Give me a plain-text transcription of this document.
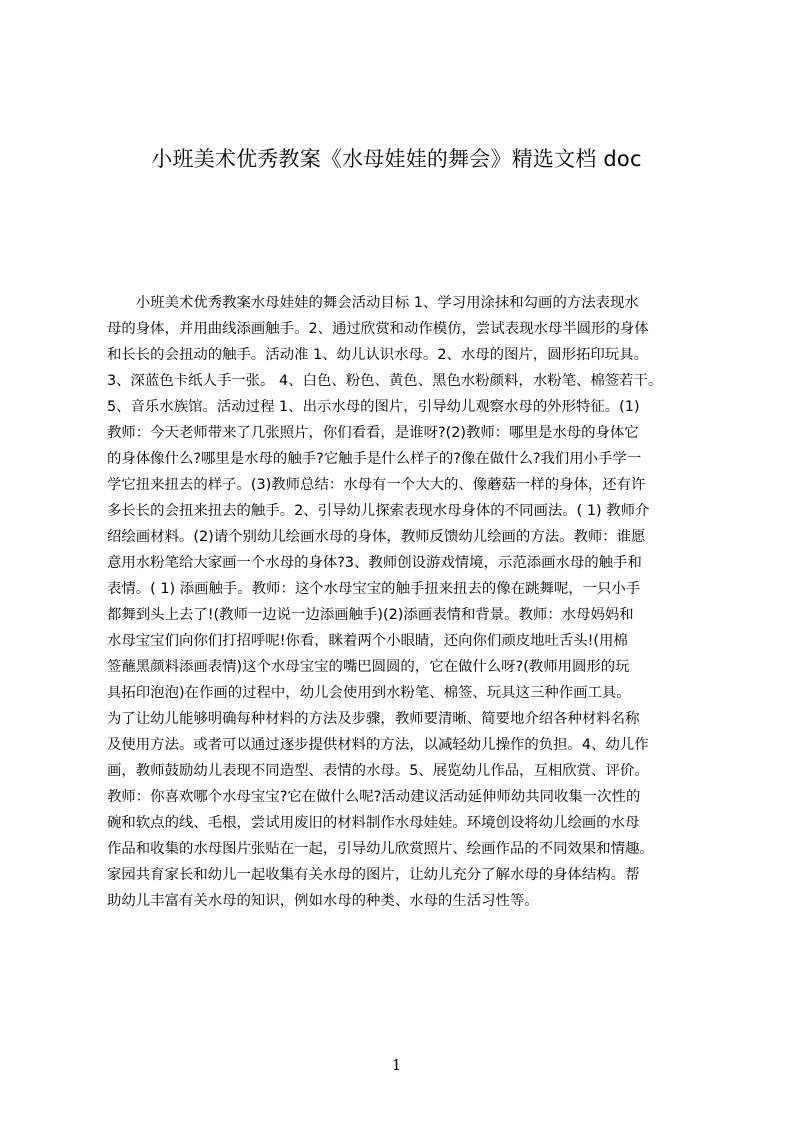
小班美术优秀教案《水母娃娃的舞会》精选文档 doc
　　小班美术优秀教案水母娃娃的舞会活动目标 1、学习用涂抹和勾画的方法表现水
母的身体，并用曲线添画触手。2、通过欣赏和动作模仿，尝试表现水母半圆形的身体
和长长的会扭动的触手。活动准 1、幼儿认识水母。2、水母的图片，圆形拓印玩具。
3、深蓝色卡纸人手一张。 4、白色、粉色、黄色、黑色水粉颜料，水粉笔、棉签若干。
5、音乐水族馆。活动过程 1、出示水母的图片，引导幼儿观察水母的外形特征。(1)
教师：今天老师带来了几张照片，你们看看，是谁呀?(2)教师：哪里是水母的身体它
的身体像什么?哪里是水母的触手?它触手是什么样子的?像在做什么?我们用小手学一
学它扭来扭去的样子。(3)教师总结：水母有一个大大的、像蘑菇一样的身体，还有许
多长长的会扭来扭去的触手。2、引导幼儿探索表现水母身体的不同画法。( 1) 教师介
绍绘画材料。(2)请个别幼儿绘画水母的身体，教师反馈幼儿绘画的方法。教师：谁愿
意用水粉笔给大家画一个水母的身体?3、教师创设游戏情境，示范添画水母的触手和
表情。( 1) 添画触手。教师：这个水母宝宝的触手扭来扭去的像在跳舞呢，一只小手
都舞到头上去了!(教师一边说一边添画触手)(2)添画表情和背景。教师：水母妈妈和
水母宝宝们向你们打招呼呢!你看，眯着两个小眼睛，还向你们顽皮地吐舌头!(用棉
签蘸黑颜料添画表情)这个水母宝宝的嘴巴圆圆的，它在做什么呀?(教师用圆形的玩
具拓印泡泡)在作画的过程中，幼儿会使用到水粉笔、棉签、玩具这三种作画工具。
为了让幼儿能够明确每种材料的方法及步骤，教师要清晰、简要地介绍各种材料名称
及使用方法。或者可以通过逐步提供材料的方法，以减轻幼儿操作的负担。4、幼儿作
画，教师鼓励幼儿表现不同造型、表情的水母。5、展览幼儿作品，互相欣赏、评价。
教师：你喜欢哪个水母宝宝?它在做什么呢?活动建议活动延伸师幼共同收集一次性的
碗和软点的线、毛根，尝试用废旧的材料制作水母娃娃。环境创设将幼儿绘画的水母
作品和收集的水母图片张贴在一起，引导幼儿欣赏照片、绘画作品的不同效果和情趣。
家园共育家长和幼儿一起收集有关水母的图片，让幼儿充分了解水母的身体结构。帮
助幼儿丰富有关水母的知识，例如水母的种类、水母的生活习性等。
1
